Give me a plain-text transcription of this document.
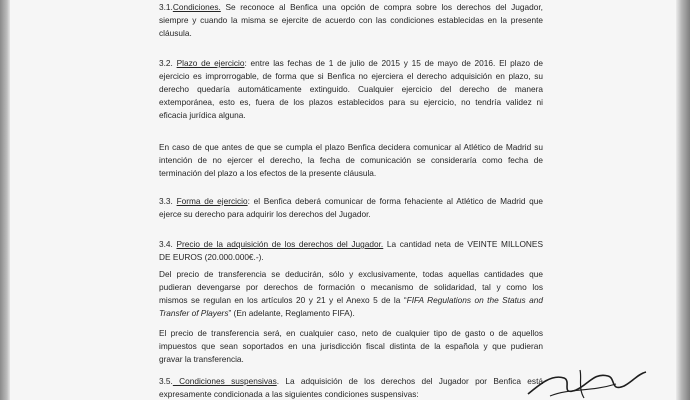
3.1.Condiciones. Se reconoce al Benfica una opción de compra sobre los derechos del Jugador,
siempre y cuando la misma se ejercite de acuerdo con las condiciones establecidas en la presente
cláusula.
3.2. Plazo de ejercicio: entre las fechas de 1 de julio de 2015 y 15 de mayo de 2016. El plazo de
ejercicio es improrrogable, de forma que si Benfica no ejerciera el derecho adquisición en plazo, su
derecho quedaría automáticamente extinguido. Cualquier ejercicio del derecho de manera
extemporánea, esto es, fuera de los plazos establecidos para su ejercicio, no tendría validez ni
eficacia jurídica alguna.
En caso de que antes de que se cumpla el plazo Benfica decidera comunicar al Atlético de Madrid su
intención de no ejercer el derecho, la fecha de comunicación se consideraría como fecha de
terminación del plazo a los efectos de la presente cláusula.
3.3. Forma de ejercicio: el Benfica deberá comunicar de forma fehaciente al Atlético de Madrid que
ejerce su derecho para adquirir los derechos del Jugador.
3.4. Precio de la adquisición de los derechos del Jugador. La cantidad neta de VEINTE MILLONES
DE EUROS (20.000.000€.-).
Del precio de transferencia se deducirán, sólo y exclusivamente, todas aquellas cantidades que
pudieran devengarse por derechos de formación o mecanismo de solidaridad, tal y como los
mismos se regulan en los artículos 20 y 21 y el Anexo 5 de la “FIFA Regulations on the Status and
Transfer of Players” (En adelante, Reglamento FIFA).
El precio de transferencia será, en cualquier caso, neto de cualquier tipo de gasto o de aquellos
impuestos que sean soportados en una jurisdicción fiscal distinta de la española y que pudieran
gravar la transferencia.
3.5. Condiciones suspensivas. La adquisición de los derechos del Jugador por Benfica está
expresamente condicionada a las siguientes condiciones suspensivas:
